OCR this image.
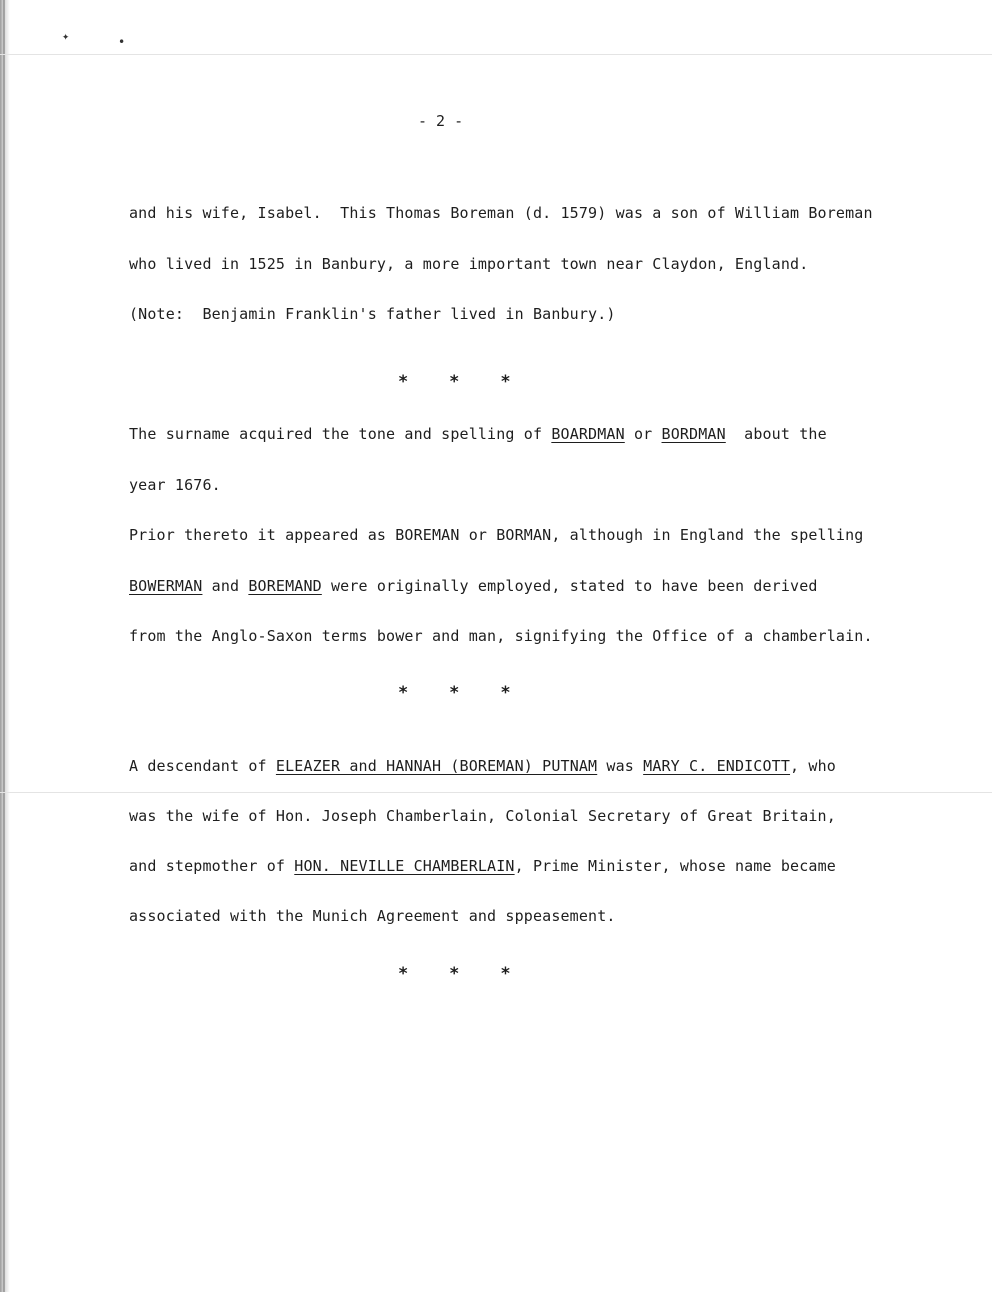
✦	•
- 2 -
and his wife, Isabel.  This Thomas Boreman (d. 1579) was a son of William Boreman
who lived in 1525 in Banbury, a more important town near Claydon, England.
(Note:  Benjamin Franklin's father lived in Banbury.)
*    *    *
The surname acquired the tone and spelling of BOARDMAN or BORDMAN  about the
year 1676.
Prior thereto it appeared as BOREMAN or BORMAN, although in England the spelling
BOWERMAN and BOREMAND were originally employed, stated to have been derived
from the Anglo-Saxon terms bower and man, signifying the Office of a chamberlain.
*    *    *
A descendant of ELEAZER and HANNAH (BOREMAN) PUTNAM was MARY C. ENDICOTT, who
was the wife of Hon. Joseph Chamberlain, Colonial Secretary of Great Britain,
and stepmother of HON. NEVILLE CHAMBERLAIN, Prime Minister, whose name became
associated with the Munich Agreement and sppeasement.
*    *    *
